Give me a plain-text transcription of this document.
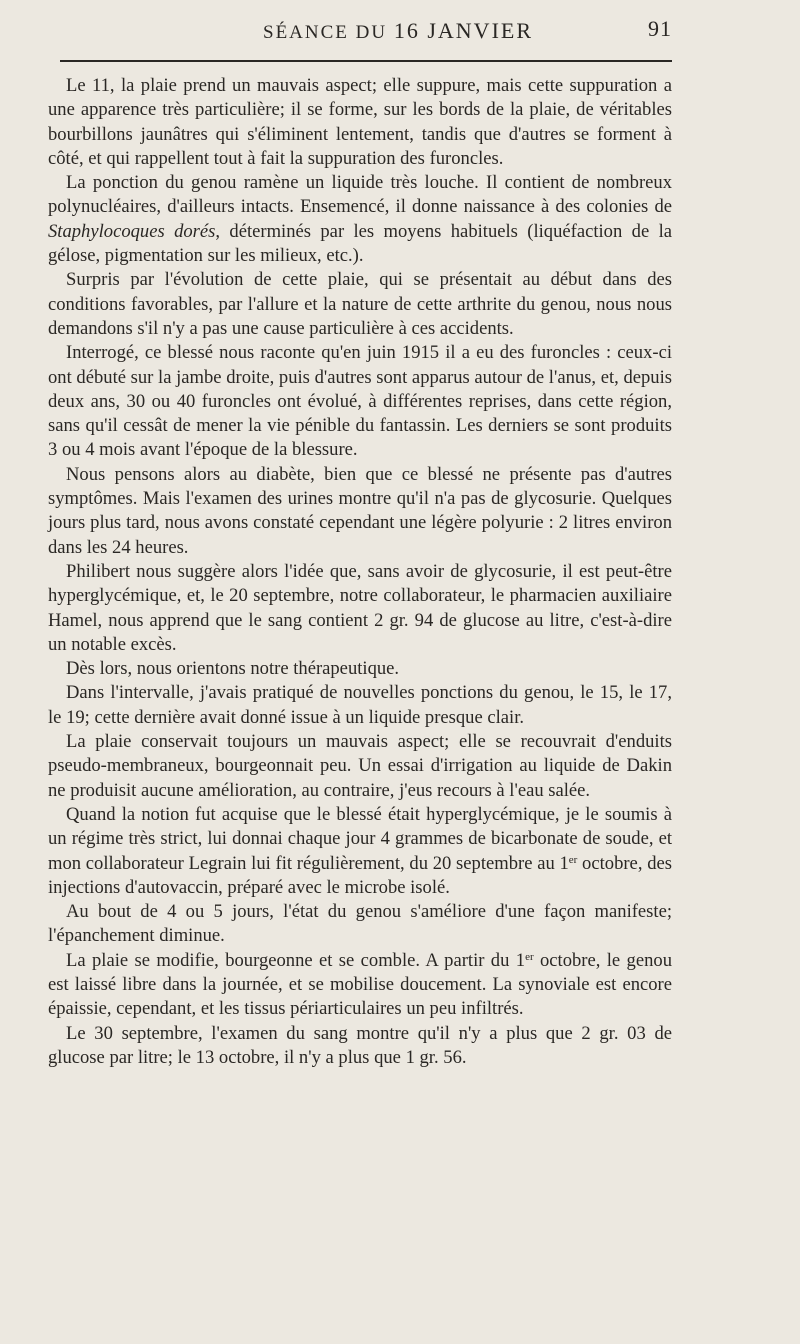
SÉANCE DU 16 JANVIER	91

Le 11, la plaie prend un mauvais aspect; elle suppure, mais cette suppuration a une apparence très particulière; il se forme, sur les bords de la plaie, de véritables bourbillons jaunâtres qui s'éliminent lentement, tandis que d'autres se forment à côté, et qui rappellent tout à fait la suppuration des furoncles.

La ponction du genou ramène un liquide très louche. Il contient de nombreux polynucléaires, d'ailleurs intacts. Ensemencé, il donne naissance à des colonies de Staphylocoques dorés, déterminés par les moyens habituels (liquéfaction de la gélose, pigmentation sur les milieux, etc.).

Surpris par l'évolution de cette plaie, qui se présentait au début dans des conditions favorables, par l'allure et la nature de cette arthrite du genou, nous nous demandons s'il n'y a pas une cause particulière à ces accidents.

Interrogé, ce blessé nous raconte qu'en juin 1915 il a eu des furoncles : ceux-ci ont débuté sur la jambe droite, puis d'autres sont apparus autour de l'anus, et, depuis deux ans, 30 ou 40 furoncles ont évolué, à différentes reprises, dans cette région, sans qu'il cessât de mener la vie pénible du fantassin. Les derniers se sont produits 3 ou 4 mois avant l'époque de la blessure.

Nous pensons alors au diabète, bien que ce blessé ne présente pas d'autres symptômes. Mais l'examen des urines montre qu'il n'a pas de glycosurie. Quelques jours plus tard, nous avons constaté cependant une légère polyurie : 2 litres environ dans les 24 heures.

Philibert nous suggère alors l'idée que, sans avoir de glycosurie, il est peut-être hyperglycémique, et, le 20 septembre, notre collaborateur, le pharmacien auxiliaire Hamel, nous apprend que le sang contient 2 gr. 94 de glucose au litre, c'est-à-dire un notable excès.

Dès lors, nous orientons notre thérapeutique.

Dans l'intervalle, j'avais pratiqué de nouvelles ponctions du genou, le 15, le 17, le 19; cette dernière avait donné issue à un liquide presque clair.

La plaie conservait toujours un mauvais aspect; elle se recouvrait d'enduits pseudo-membraneux, bourgeonnait peu. Un essai d'irrigation au liquide de Dakin ne produisit aucune amélioration, au contraire, j'eus recours à l'eau salée.

Quand la notion fut acquise que le blessé était hyperglycémique, je le soumis à un régime très strict, lui donnai chaque jour 4 grammes de bicarbonate de soude, et mon collaborateur Legrain lui fit régulièrement, du 20 septembre au 1er octobre, des injections d'autovaccin, préparé avec le microbe isolé.

Au bout de 4 ou 5 jours, l'état du genou s'améliore d'une façon manifeste; l'épanchement diminue.

La plaie se modifie, bourgeonne et se comble. A partir du 1er octobre, le genou est laissé libre dans la journée, et se mobilise doucement. La synoviale est encore épaissie, cependant, et les tissus périarticulaires un peu infiltrés.

Le 30 septembre, l'examen du sang montre qu'il n'y a plus que 2 gr. 03 de glucose par litre; le 13 octobre, il n'y a plus que 1 gr. 56.
